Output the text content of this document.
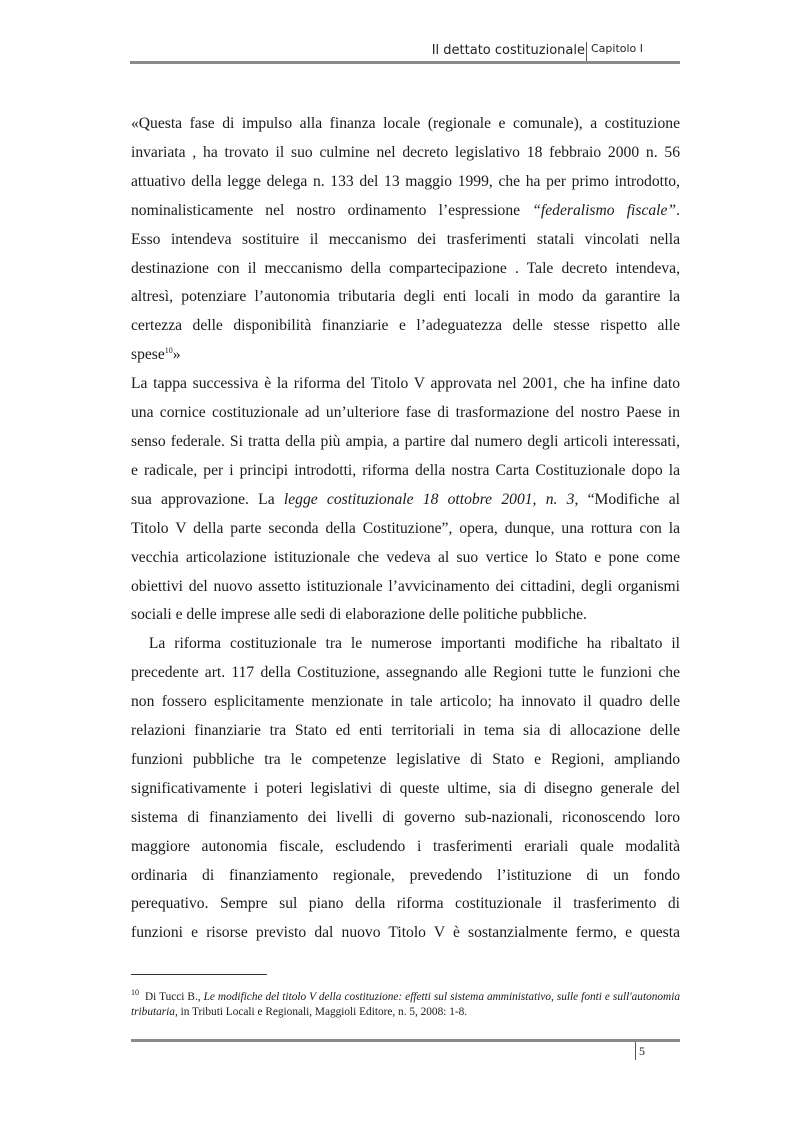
Il dettato costituzionale Capitolo I
«Questa fase di impulso alla finanza locale (regionale e comunale), a costituzione
invariata , ha trovato il suo culmine nel decreto legislativo 18 febbraio 2000 n. 56
attuativo della legge delega n. 133 del 13 maggio 1999, che ha per primo introdotto,
nominalisticamente nel nostro ordinamento l’espressione “federalismo fiscale”.
Esso intendeva sostituire il meccanismo dei trasferimenti statali vincolati nella
destinazione con il meccanismo della compartecipazione . Tale decreto intendeva,
altresì, potenziare l’autonomia tributaria degli enti locali in modo da garantire la
certezza delle disponibilità finanziarie e l’adeguatezza delle stesse rispetto alle
spese$^{10}$»
La tappa successiva è la riforma del Titolo V approvata nel 2001, che ha infine dato
una cornice costituzionale ad un’ulteriore fase di trasformazione del nostro Paese in
senso federale. Si tratta della più ampia, a partire dal numero degli articoli interessati,
e radicale, per i principi introdotti, riforma della nostra Carta Costituzionale dopo la
sua approvazione. La legge costituzionale 18 ottobre 2001, n. 3, “Modifiche al
Titolo V della parte seconda della Costituzione”, opera, dunque, una rottura con la
vecchia articolazione istituzionale che vedeva al suo vertice lo Stato e pone come
obiettivi del nuovo assetto istituzionale l’avvicinamento dei cittadini, degli organismi
sociali e delle imprese alle sedi di elaborazione delle politiche pubbliche.
La riforma costituzionale tra le numerose importanti modifiche ha ribaltato il
precedente art. 117 della Costituzione, assegnando alle Regioni tutte le funzioni che
non fossero esplicitamente menzionate in tale articolo; ha innovato il quadro delle
relazioni finanziarie tra Stato ed enti territoriali in tema sia di allocazione delle
funzioni pubbliche tra le competenze legislative di Stato e Regioni, ampliando
significativamente i poteri legislativi di queste ultime, sia di disegno generale del
sistema di finanziamento dei livelli di governo sub-nazionali, riconoscendo loro
maggiore autonomia fiscale, escludendo i trasferimenti erariali quale modalità
ordinaria di finanziamento regionale, prevedendo l’istituzione di un fondo
perequativo. Sempre sul piano della riforma costituzionale il trasferimento di
funzioni e risorse previsto dal nuovo Titolo V è sostanzialmente fermo, e questa
$^{10}$ Di Tucci B., Le modifiche del titolo V della costituzione: effetti sul sistema amministativo, sulle fonti e sull'autonomia tributaria, in Tributi Locali e Regionali, Maggioli Editore, n. 5, 2008: 1-8.
5
